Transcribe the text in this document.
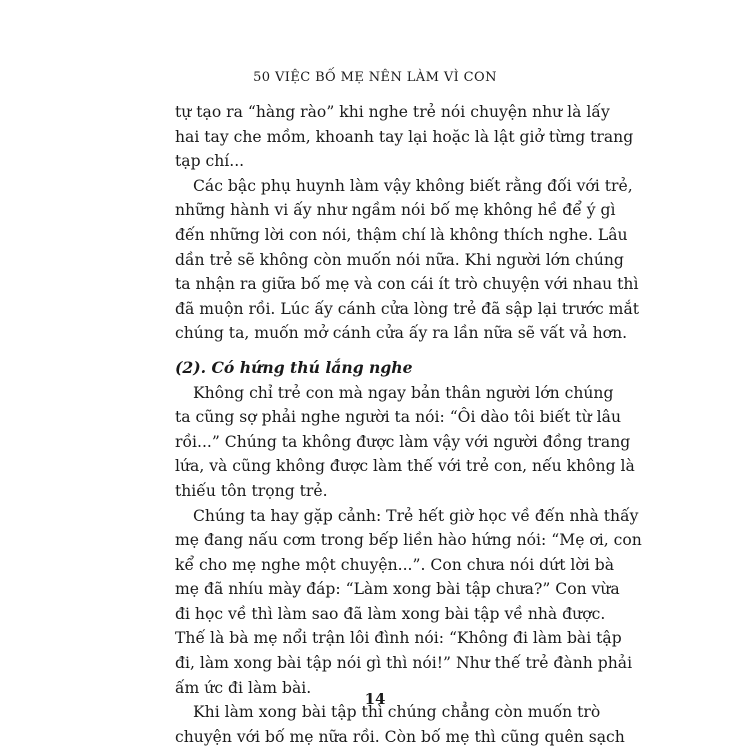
50 VIỆC BỐ MẸ NÊN LÀM VÌ CON
tự tạo ra “hàng rào” khi nghe trẻ nói chuyện như là lấy
hai tay che mồm, khoanh tay lại hoặc là lật giở từng trang
tạp chí...
Các bậc phụ huynh làm vậy không biết rằng đối với trẻ,
những hành vi ấy như ngầm nói bố mẹ không hề để ý gì
đến những lời con nói, thậm chí là không thích nghe. Lâu
dần trẻ sẽ không còn muốn nói nữa. Khi người lớn chúng
ta nhận ra giữa bố mẹ và con cái ít trò chuyện với nhau thì
đã muộn rồi. Lúc ấy cánh cửa lòng trẻ đã sập lại trước mắt
chúng ta, muốn mở cánh cửa ấy ra lần nữa sẽ vất vả hơn.
(2). Có hứng thú lắng nghe
Không chỉ trẻ con mà ngay bản thân người lớn chúng
ta cũng sợ phải nghe người ta nói: “Ôi dào tôi biết từ lâu
rồi...” Chúng ta không được làm vậy với người đồng trang
lứa, và cũng không được làm thế với trẻ con, nếu không là
thiếu tôn trọng trẻ.
Chúng ta hay gặp cảnh: Trẻ hết giờ học về đến nhà thấy
mẹ đang nấu cơm trong bếp liền hào hứng nói: “Mẹ ơi, con
kể cho mẹ nghe một chuyện...”. Con chưa nói dứt lời bà
mẹ đã nhíu mày đáp: “Làm xong bài tập chưa?” Con vừa
đi học về thì làm sao đã làm xong bài tập về nhà được.
Thế là bà mẹ nổi trận lôi đình nói: “Không đi làm bài tập
đi, làm xong bài tập nói gì thì nói!” Như thế trẻ đành phải
ấm ức đi làm bài.
Khi làm xong bài tập thì chúng chẳng còn muốn trò
chuyện với bố mẹ nữa rồi. Còn bố mẹ thì cũng quên sạch
14
